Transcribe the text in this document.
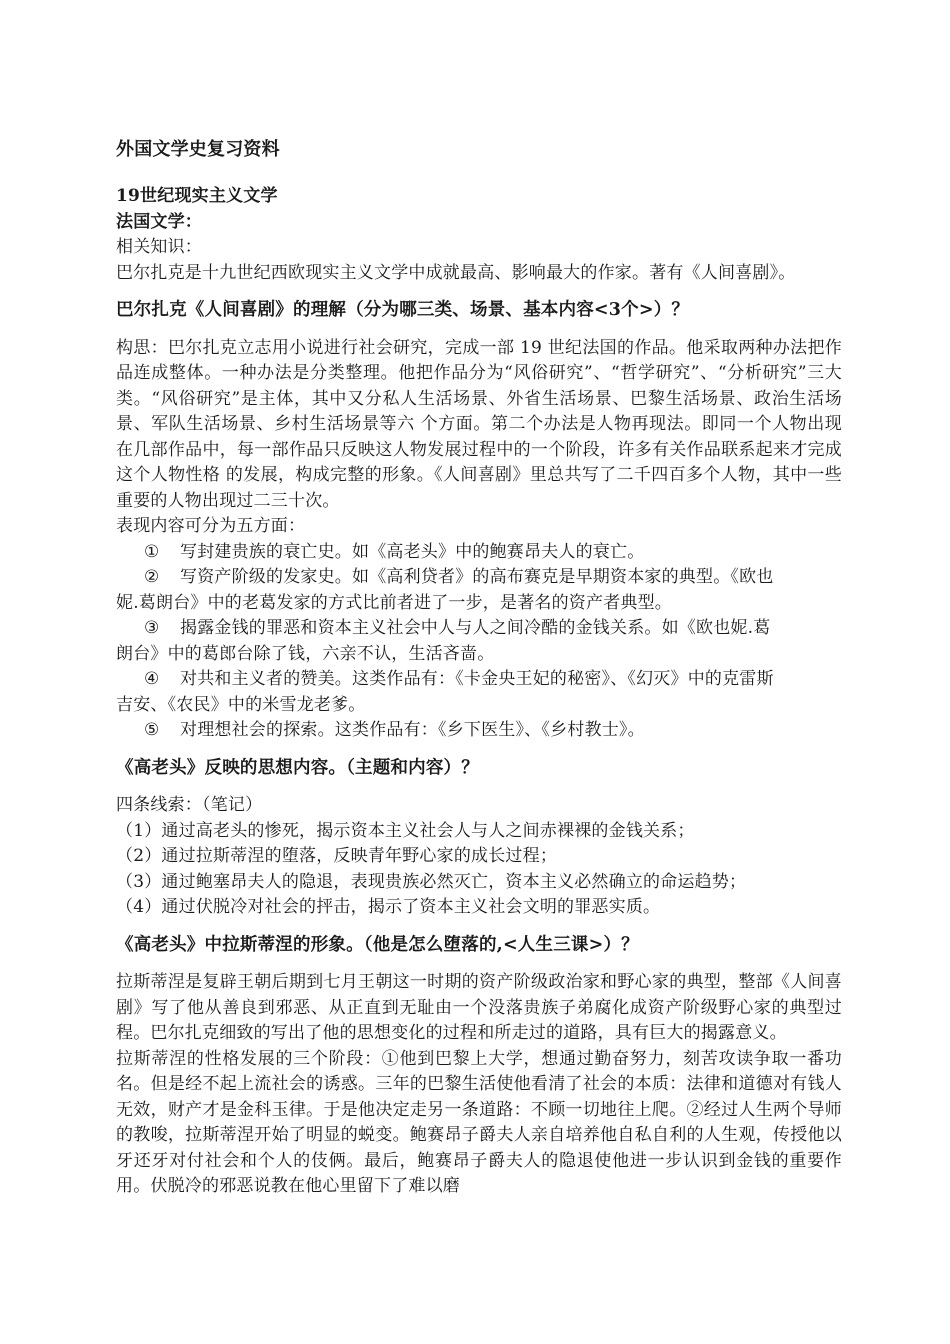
外国文学史复习资料

19世纪现实主义文学

法国文学：

相关知识：

巴尔扎克是十九世纪西欧现实主义文学中成就最高、影响最大的作家。著有《人间喜剧》。

巴尔扎克《人间喜剧》的理解（分为哪三类、场景、基本内容<3个>）？

构思：巴尔扎克立志用小说进行社会研究，完成一部 19 世纪法国的作品。他采取两种办法把作品连成整体。一种办法是分类整理。他把作品分为“风俗研究”、“哲学研究”、“分析研究”三大类。“风俗研究”是主体，其中又分私人生活场景、外省生活场景、巴黎生活场景、政治生活场景、军队生活场景、乡村生活场景等六 个方面。第二个办法是人物再现法。即同一个人物出现在几部作品中，每一部作品只反映这人物发展过程中的一个阶段，许多有关作品联系起来才完成这个人物性格 的发展，构成完整的形象。《人间喜剧》里总共写了二千四百多个人物，其中一些重要的人物出现过二三十次。

表现内容可分为五方面：

① 写封建贵族的衰亡史。如《高老头》中的鲍赛昂夫人的衰亡。

② 写资产阶级的发家史。如《高利贷者》的高布赛克是早期资本家的典型。《欧也

妮.葛朗台》中的老葛发家的方式比前者进了一步，是著名的资产者典型。

③ 揭露金钱的罪恶和资本主义社会中人与人之间冷酷的金钱关系。如《欧也妮.葛

朗台》中的葛郎台除了钱，六亲不认，生活吝啬。

④ 对共和主义者的赞美。这类作品有：《卡金央王妃的秘密》、《幻灭》中的克雷斯

吉安、《农民》中的米雪龙老爹。

⑤ 对理想社会的探索。这类作品有：《乡下医生》、《乡村教士》。

《高老头》反映的思想内容。（主题和内容）？

四条线索：（笔记）

（1）通过高老头的惨死，揭示资本主义社会人与人之间赤裸裸的金钱关系；

（2）通过拉斯蒂涅的堕落，反映青年野心家的成长过程；

（3）通过鲍塞昂夫人的隐退，表现贵族必然灭亡，资本主义必然确立的命运趋势；

（4）通过伏脱冷对社会的抨击，揭示了资本主义社会文明的罪恶实质。

《高老头》中拉斯蒂涅的形象。（他是怎么堕落的,<人生三课>）？

拉斯蒂涅是复辟王朝后期到七月王朝这一时期的资产阶级政治家和野心家的典型，整部《人间喜剧》写了他从善良到邪恶、从正直到无耻由一个没落贵族子弟腐化成资产阶级野心家的典型过程。巴尔扎克细致的写出了他的思想变化的过程和所走过的道路，具有巨大的揭露意义。

拉斯蒂涅的性格发展的三个阶段：①他到巴黎上大学，想通过勤奋努力，刻苦攻读争取一番功名。但是经不起上流社会的诱惑。三年的巴黎生活使他看清了社会的本质：法律和道德对有钱人无效，财产才是金科玉律。于是他决定走另一条道路：不顾一切地往上爬。②经过人生两个导师的教唆，拉斯蒂涅开始了明显的蜕变。鲍赛昂子爵夫人亲自培养他自私自利的人生观，传授他以牙还牙对付社会和个人的伎俩。最后，鲍赛昂子爵夫人的隐退使他进一步认识到金钱的重要作用。伏脱冷的邪恶说教在他心里留下了难以磨
